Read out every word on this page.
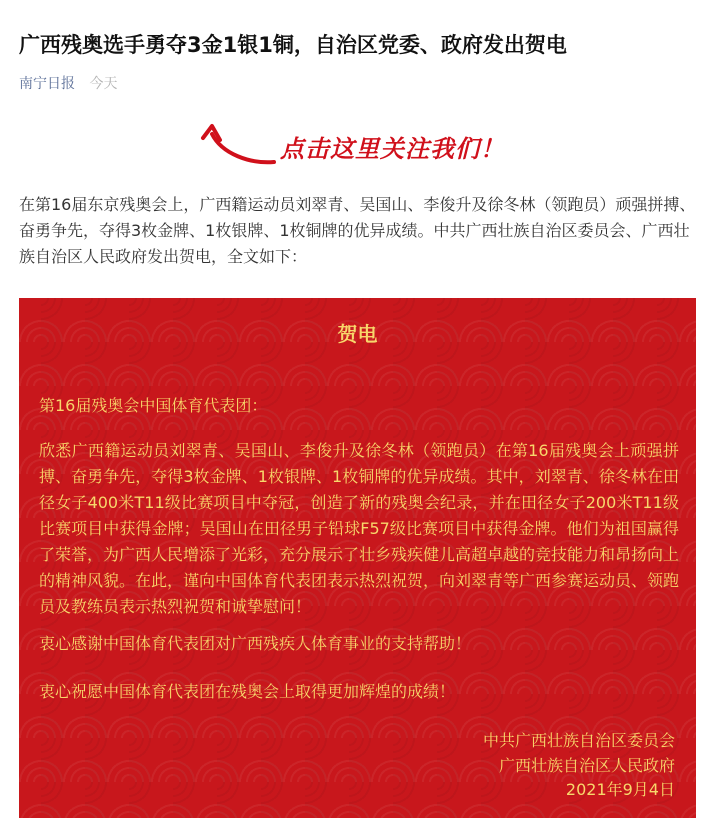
广西残奥选手勇夺3金1银1铜，自治区党委、政府发出贺电
南宁日报 今天
点击这里关注我们！

在第16届东京残奥会上，广西籍运动员刘翠青、吴国山、李俊升及徐冬林（领跑员）顽强拼搏、奋勇争先，夺得3枚金牌、1枚银牌、1枚铜牌的优异成绩。中共广西壮族自治区委员会、广西壮族自治区人民政府发出贺电，全文如下：

贺电

第16届残奥会中国体育代表团：

欣悉广西籍运动员刘翠青、吴国山、李俊升及徐冬林（领跑员）在第16届残奥会上顽强拼搏、奋勇争先，夺得3枚金牌、1枚银牌、1枚铜牌的优异成绩。其中，刘翠青、徐冬林在田径女子400米T11级比赛项目中夺冠，创造了新的残奥会纪录，并在田径女子200米T11级比赛项目中获得金牌；吴国山在田径男子铅球F57级比赛项目中获得金牌。他们为祖国赢得了荣誉，为广西人民增添了光彩，充分展示了壮乡残疾健儿高超卓越的竞技能力和昂扬向上的精神风貌。在此，谨向中国体育代表团表示热烈祝贺，向刘翠青等广西参赛运动员、领跑员及教练员表示热烈祝贺和诚挚慰问！

衷心感谢中国体育代表团对广西残疾人体育事业的支持帮助！

衷心祝愿中国体育代表团在残奥会上取得更加辉煌的成绩！

中共广西壮族自治区委员会

广西壮族自治区人民政府

2021年9月4日
